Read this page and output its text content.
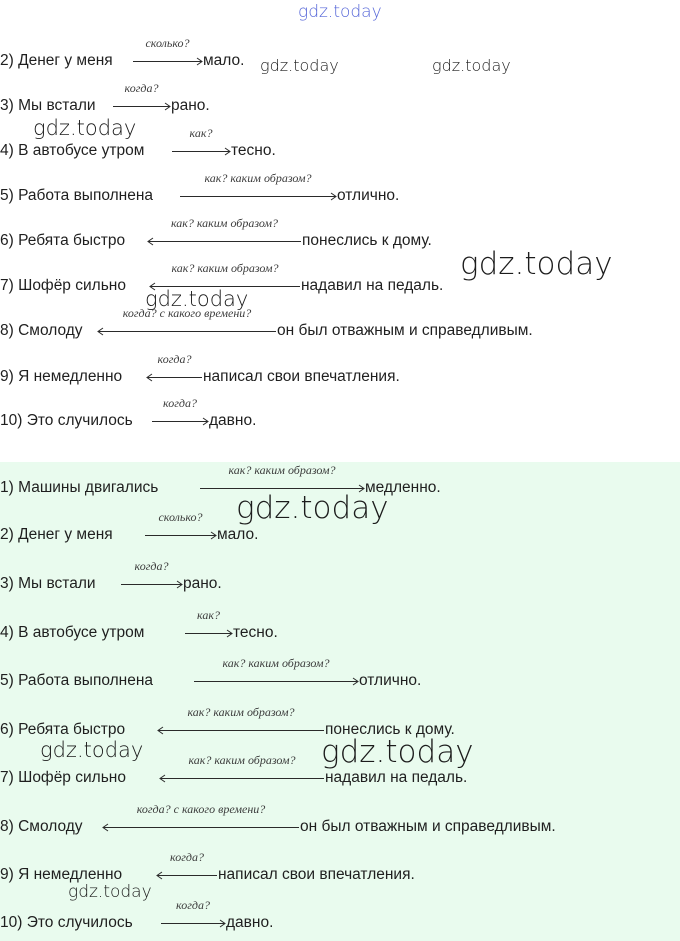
2) Денег у меня
сколько?
мало.
3) Мы встали
когда?
рано.
4) В автобусе утром
как?
тесно.
5) Работа выполнена
как? каким образом?
отлично.
6) Ребята быстро
как? каким образом?
понеслись к дому.
7) Шофёр сильно
как? каким образом?
надавил на педаль.
8) Смолоду
когда? с какого времени?
он был отважным и справедливым.
9) Я немедленно
когда?
написал свои впечатления.
10) Это случилось
когда?
давно.
1) Машины двигались
как? каким образом?
медленно.
2) Денег у меня
сколько?
мало.
3) Мы встали
когда?
рано.
4) В автобусе утром
как?
тесно.
5) Работа выполнена
как? каким образом?
отлично.
6) Ребята быстро
как? каким образом?
понеслись к дому.
7) Шофёр сильно
как? каким образом?
надавил на педаль.
8) Смолоду
когда? с какого времени?
он был отважным и справедливым.
9) Я немедленно
когда?
написал свои впечатления.
10) Это случилось
когда?
давно.
gdz.today
gdz.today	gdz.today
gdz.today
gdz.today
gdz.today
gdz.today
gdz.today	gdz.today
gdz.today
